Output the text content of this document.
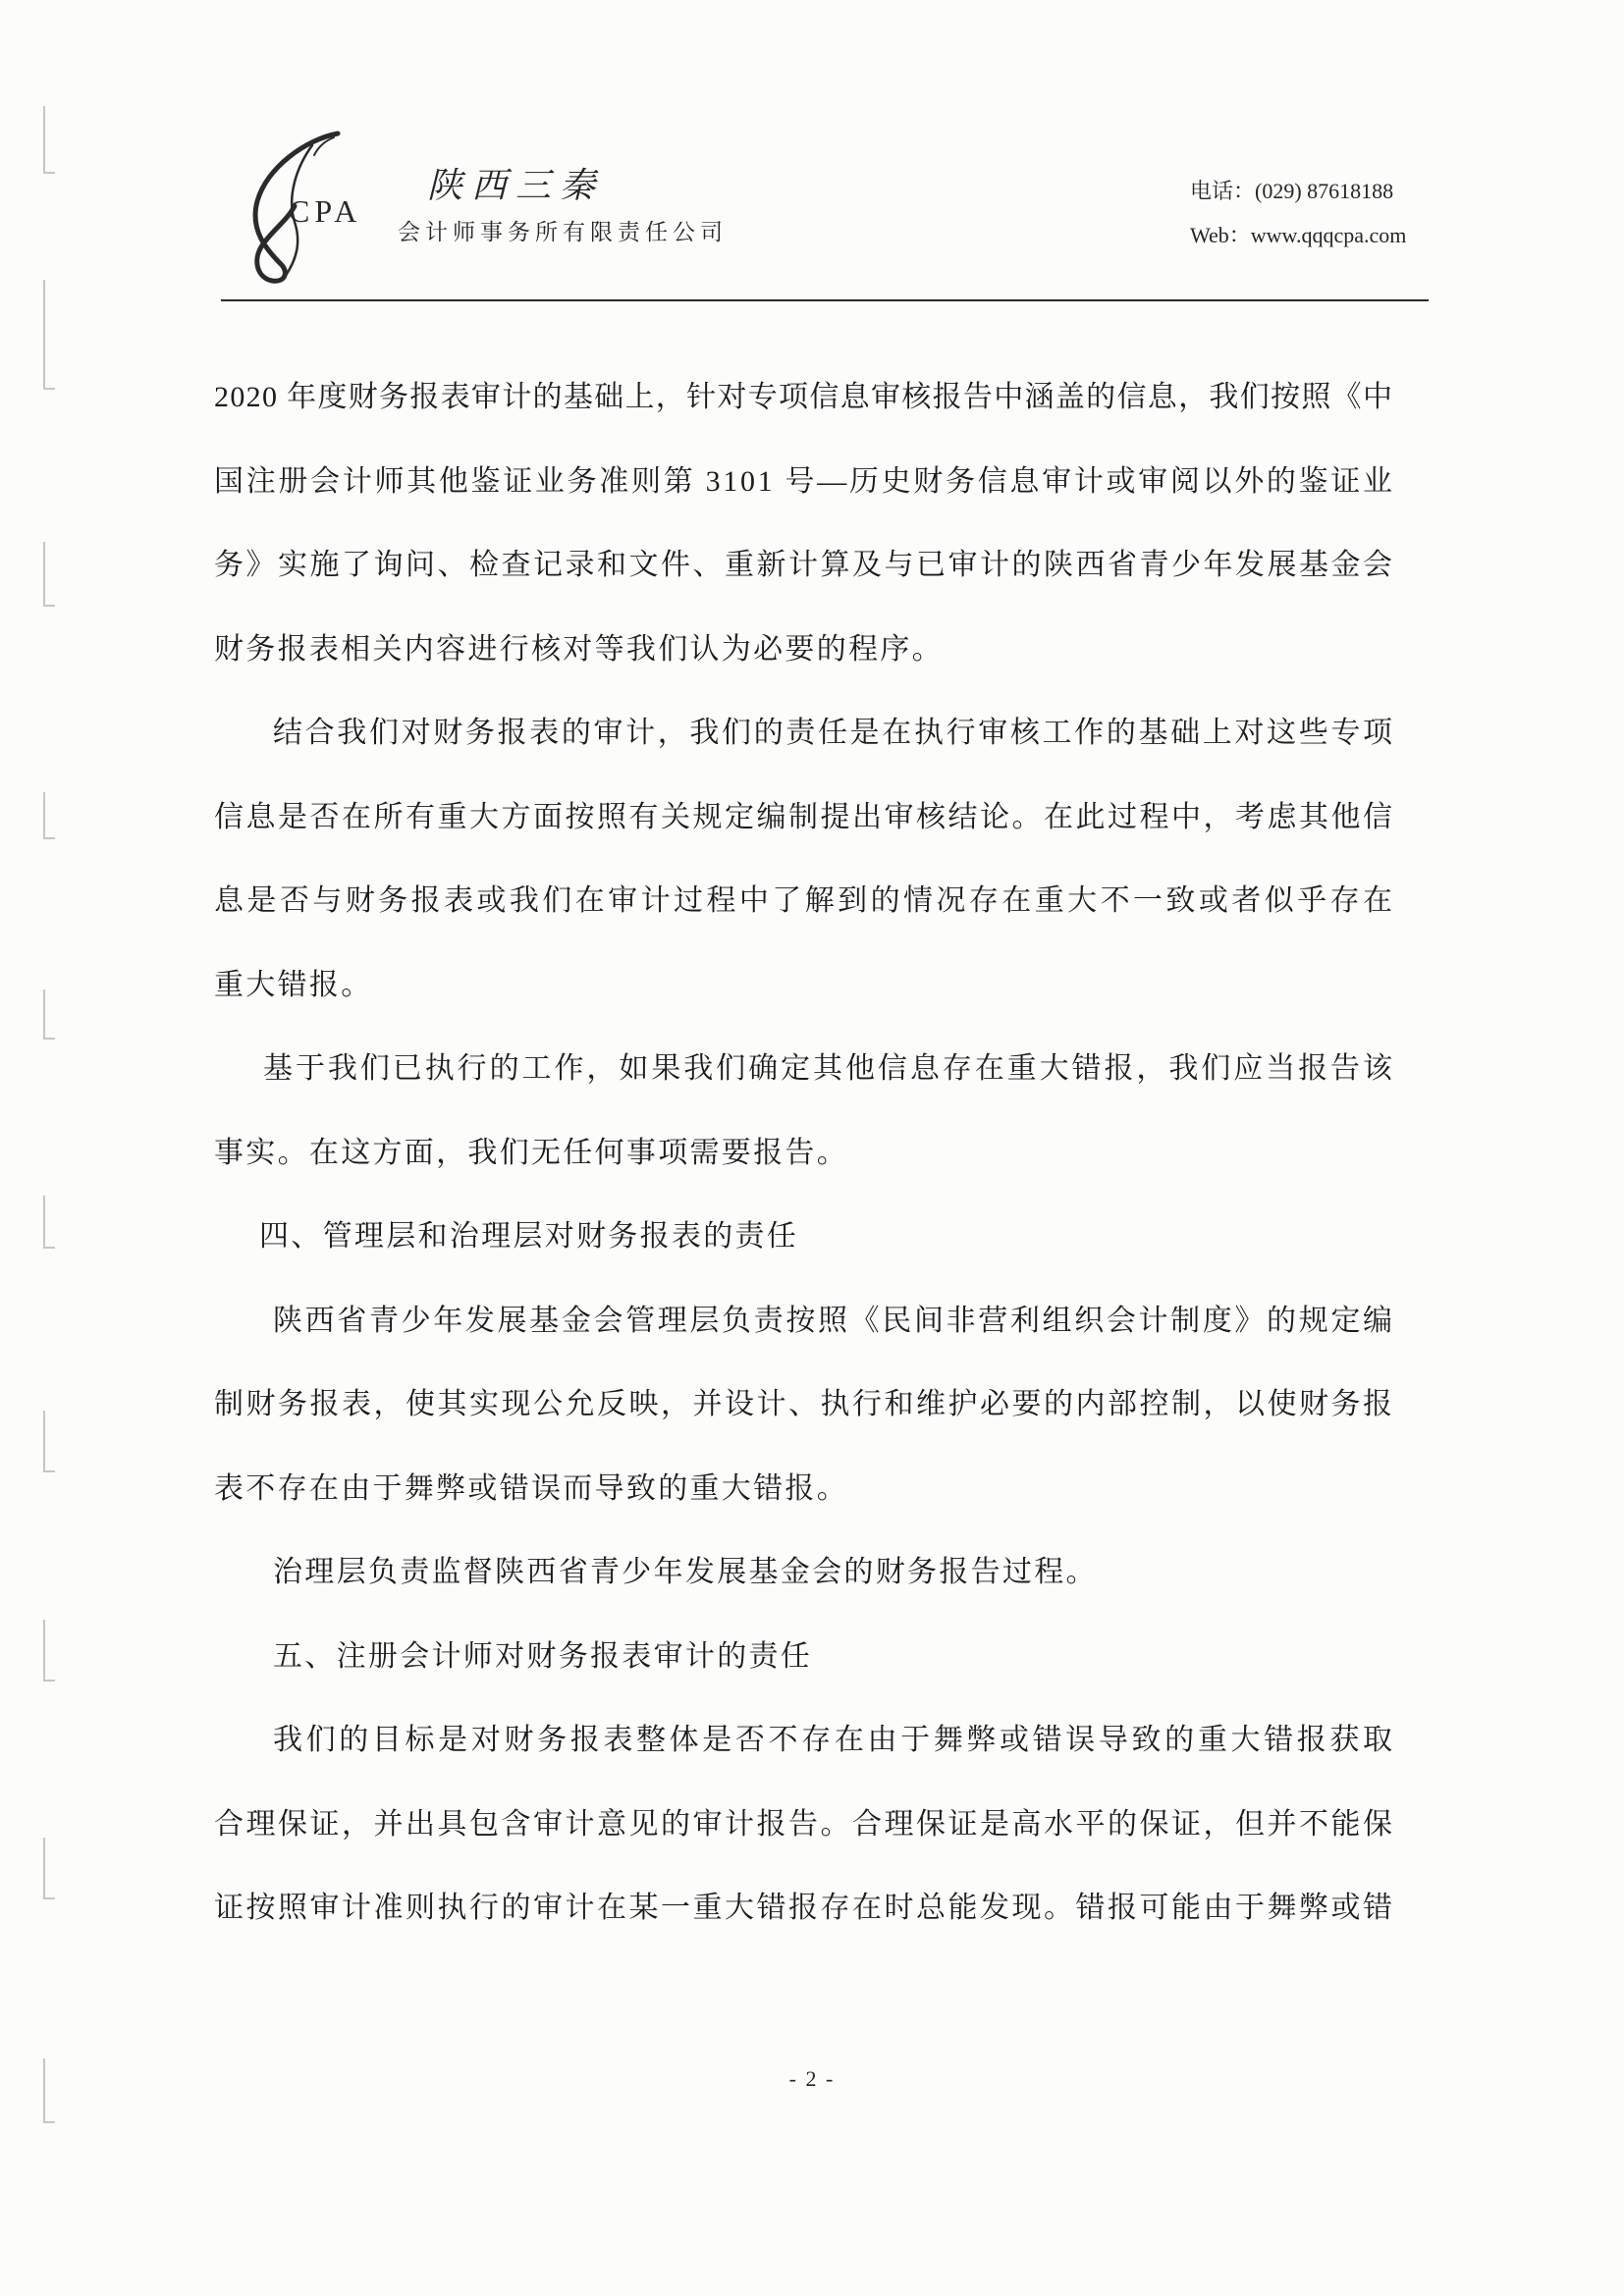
CPA
陕西三秦
会计师事务所有限责任公司
电话：(029) 87618188
Web：www.qqqcpa.com
2020 年度财务报表审计的基础上，针对专项信息审核报告中涵盖的信息，我们按照《中
国注册会计师其他鉴证业务准则第 3101 号—历史财务信息审计或审阅以外的鉴证业
务》实施了询问、检查记录和文件、重新计算及与已审计的陕西省青少年发展基金会
财务报表相关内容进行核对等我们认为必要的程序。
结合我们对财务报表的审计，我们的责任是在执行审核工作的基础上对这些专项
信息是否在所有重大方面按照有关规定编制提出审核结论。在此过程中，考虑其他信
息是否与财务报表或我们在审计过程中了解到的情况存在重大不一致或者似乎存在
重大错报。
基于我们已执行的工作，如果我们确定其他信息存在重大错报，我们应当报告该
事实。在这方面，我们无任何事项需要报告。
四、管理层和治理层对财务报表的责任
陕西省青少年发展基金会管理层负责按照《民间非营利组织会计制度》的规定编
制财务报表，使其实现公允反映，并设计、执行和维护必要的内部控制，以使财务报
表不存在由于舞弊或错误而导致的重大错报。
治理层负责监督陕西省青少年发展基金会的财务报告过程。
五、注册会计师对财务报表审计的责任
我们的目标是对财务报表整体是否不存在由于舞弊或错误导致的重大错报获取
合理保证，并出具包含审计意见的审计报告。合理保证是高水平的保证，但并不能保
证按照审计准则执行的审计在某一重大错报存在时总能发现。错报可能由于舞弊或错
- 2 -
